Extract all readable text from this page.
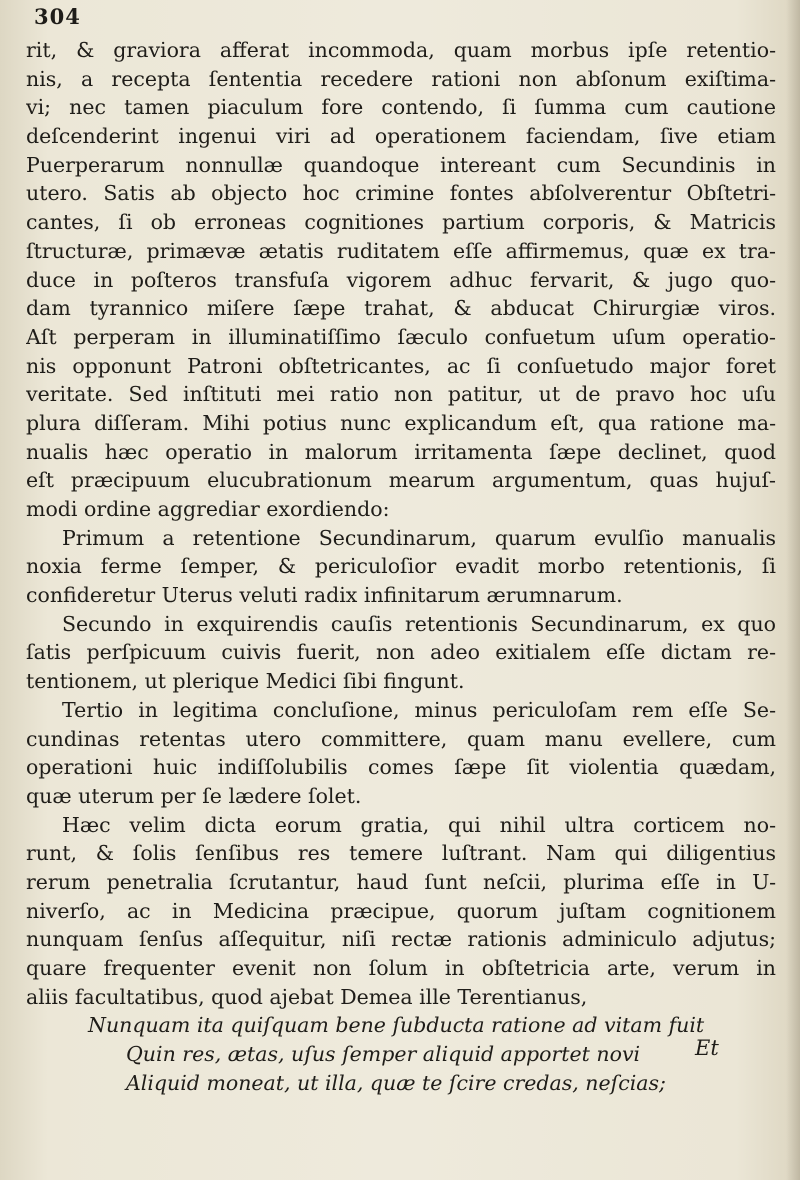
304

rit, & graviora afferat incommoda, quam morbus ipſe retentio-
nis, a recepta ſententia recedere rationi non abſonum exiſtima-
vi; nec tamen piaculum fore contendo, ſi ſumma cum cautione
deſcenderint ingenui viri ad operationem faciendam, ſive etiam
Puerperarum nonnullæ quandoque intereant cum Secundinis in
utero. Satis ab objecto hoc crimine fontes abſolverentur Obſtetri-
cantes, ſi ob erroneas cognitiones partium corporis, & Matricis
ſtructuræ, primævæ ætatis ruditatem eſſe affirmemus, quæ ex tra-
duce in poſteros transfuſa vigorem adhuc fervarit, & jugo quo-
dam tyrannico miſere ſæpe trahat, & abducat Chirurgiæ viros.
Aſt perperam in illuminatiſſimo ſæculo confuetum uſum operatio-
nis opponunt Patroni obſtetricantes, ac ſi conſuetudo major foret
veritate. Sed inſtituti mei ratio non patitur, ut de pravo hoc uſu
plura diſſeram. Mihi potius nunc explicandum eſt, qua ratione ma-
nualis hæc operatio in malorum irritamenta ſæpe declinet, quod
eſt præcipuum elucubrationum mearum argumentum, quas hujuſ-
modi ordine aggrediar exordiendo:
Primum a retentione Secundinarum, quarum evulſio manualis
noxia ferme ſemper, & periculoſior evadit morbo retentionis, ſi
confideretur Uterus veluti radix infinitarum ærumnarum.
Secundo in exquirendis cauſis retentionis Secundinarum, ex quo
ſatis perſpicuum cuivis fuerit, non adeo exitialem eſſe dictam re-
tentionem, ut plerique Medici ſibi fingunt.
Tertio in legitima concluſione, minus periculoſam rem eſſe Se-
cundinas retentas utero committere, quam manu evellere, cum
operationi huic indiſſolubilis comes ſæpe ſit violentia quædam,
quæ uterum per ſe lædere ſolet.
Hæc velim dicta eorum gratia, qui nihil ultra corticem no-
runt, & ſolis ſenſibus res temere luſtrant. Nam qui diligentius
rerum penetralia ſcrutantur, haud ſunt neſcii, plurima eſſe in U-
niverſo, ac in Medicina præcipue, quorum juſtam cognitionem
nunquam ſenſus aſſequitur, niſi rectæ rationis adminiculo adjutus;
quare frequenter evenit non ſolum in obſtetricia arte, verum in
aliis facultatibus, quod ajebat Demea ille Terentianus,
Nunquam ita quiſquam bene ſubducta ratione ad vitam fuit
Quin res, ætas, uſus ſemper aliquid apportet novi
Aliquid moneat, ut illa, quæ te ſcire credas, neſcias;

Et
